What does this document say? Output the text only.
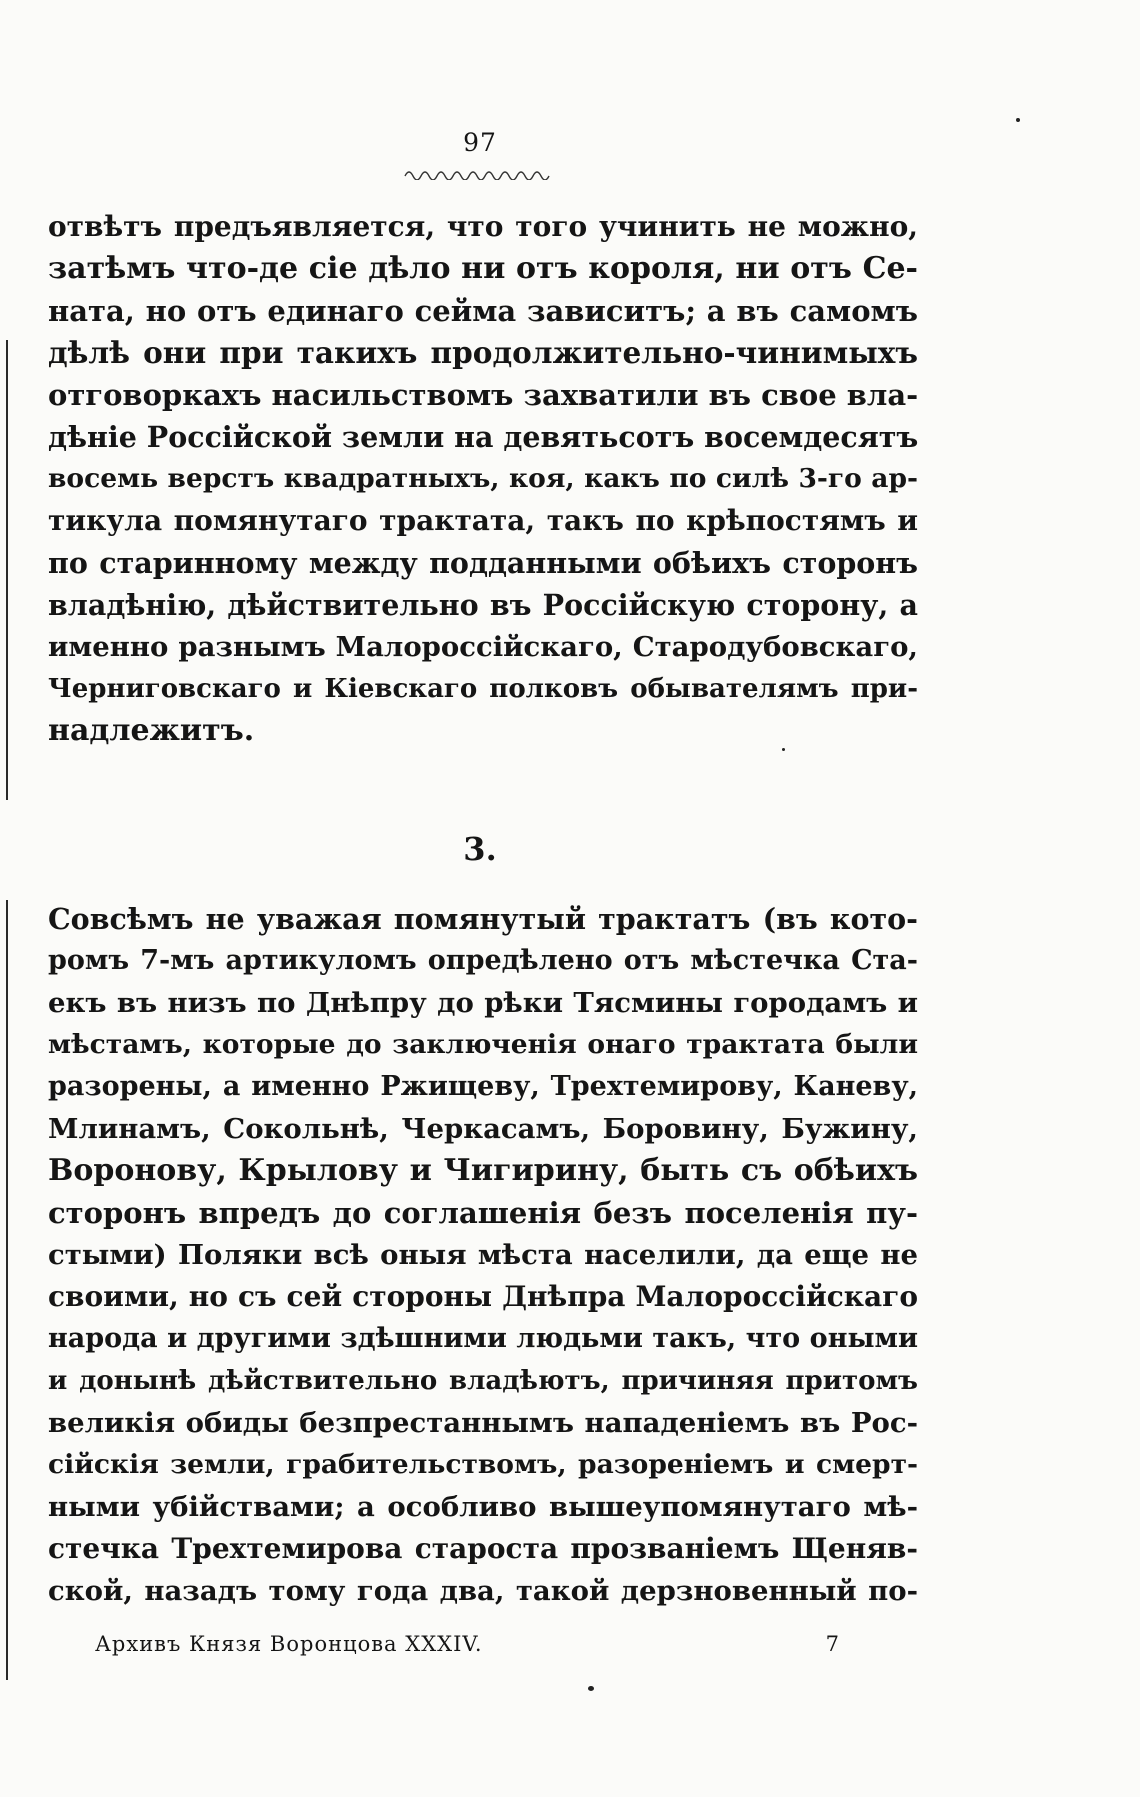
97
отвѣтъ предъявляется, что того учинить не можно,
затѣмъ что-де сіе дѣло ни отъ короля, ни отъ Се-
ната, но отъ единаго сейма зависитъ; а въ самомъ
дѣлѣ они при такихъ продолжительно-чинимыхъ
отговоркахъ насильствомъ захватили въ свое вла-
дѣніе Россійской земли на девятьсотъ восемдесятъ
восемь верстъ квадратныхъ, коя, какъ по силѣ 3-го ар-
тикула помянутаго трактата, такъ по крѣпостямъ и
по старинному между подданными обѣихъ сторонъ
владѣнію, дѣйствительно въ Россійскую сторону, а
именно разнымъ Малороссійскаго, Стародубовскаго,
Черниговскаго и Кіевскаго полковъ обывателямъ при-
надлежитъ.
3.
Совсѣмъ не уважая помянутый трактатъ (въ кото-
ромъ 7-мъ артикуломъ опредѣлено отъ мѣстечка Ста-
екъ въ низъ по Днѣпру до рѣки Тясмины городамъ и
мѣстамъ, которые до заключенія онаго трактата были
разорены, а именно Ржищеву, Трехтемирову, Каневу,
Млинамъ, Сокольнѣ, Черкасамъ, Боровину, Бужину,
Воронову, Крылову и Чигирину, быть съ обѣихъ
сторонъ впредъ до соглашенія безъ поселенія пу-
стыми) Поляки всѣ оныя мѣста населили, да еще не
своими, но съ сей стороны Днѣпра Малороссійскаго
народа и другими здѣшними людьми такъ, что оными
и донынѣ дѣйствительно владѣютъ, причиняя притомъ
великія обиды безпрестаннымъ нападеніемъ въ Рос-
сійскія земли, грабительствомъ, разореніемъ и смерт-
ными убійствами; а особливо вышеупомянутаго мѣ-
стечка Трехтемирова староста прозваніемъ Щеняв-
ской, назадъ тому года два, такой дерзновенный по-
Архивъ Князя Воронцова XXXIV.	7
